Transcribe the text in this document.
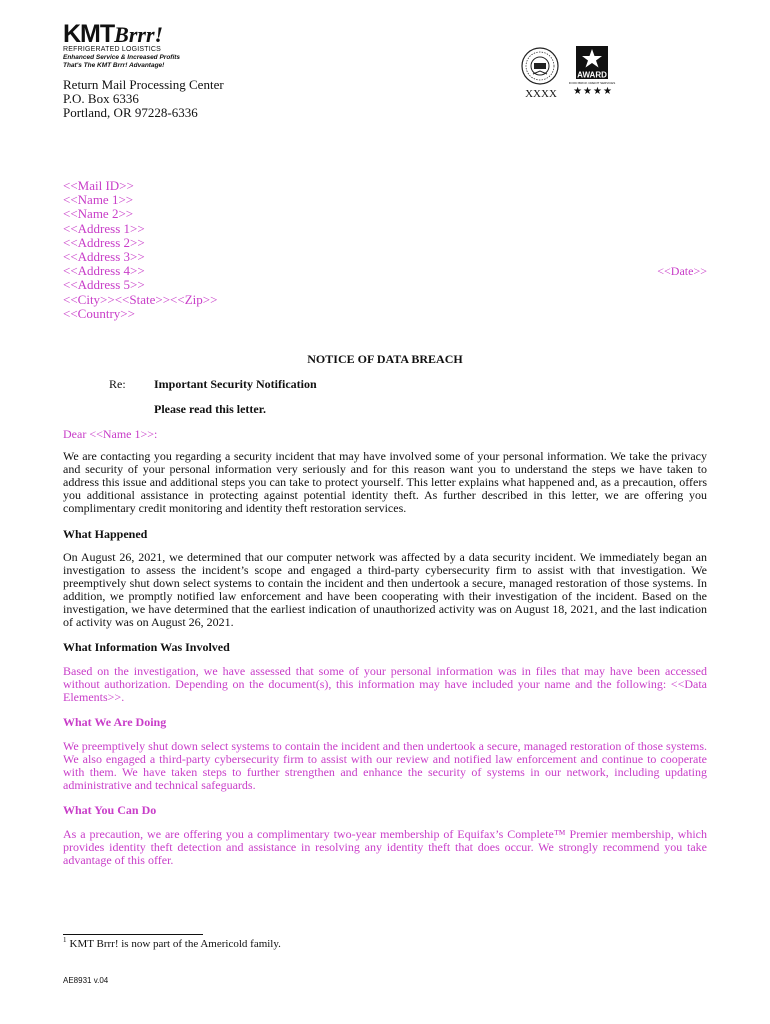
KMTBrrr!
REFRIGERATED LOGISTICS
Enhanced Service & Increased Profits
That's The KMT Brrr! Advantage!
Return Mail Processing Center
P.O. Box 6336
Portland, OR 97228-6336
XXXX
AWARD
FOOD BRICK CREDIT SERVICES
★★★★
<<Mail ID>>
<<Name 1>>
<<Name 2>>
<<Address 1>>
<<Address 2>>
<<Address 3>>
<<Address 4>>
<<Address 5>>
<<City>><<State>><<Zip>>
<<Country>>
<<Date>>
NOTICE OF DATA BREACH
Re: Important Security Notification
Please read this letter.
Dear <<Name 1>>:
We are contacting you regarding a security incident that may have involved some of your personal information. We take the privacy and security of your personal information very seriously and for this reason want you to understand the steps we have taken to address this issue and additional steps you can take to protect yourself. This letter explains what happened and, as a precaution, offers you additional assistance in protecting against potential identity theft. As further described in this letter, we are offering you complimentary credit monitoring and identity theft restoration services.
What Happened
On August 26, 2021, we determined that our computer network was affected by a data security incident. We immediately began an investigation to assess the incident’s scope and engaged a third-party cybersecurity firm to assist with that investigation. We preemptively shut down select systems to contain the incident and then undertook a secure, managed restoration of those systems. In addition, we promptly notified law enforcement and have been cooperating with their investigation of the incident. Based on the investigation, we have determined that the earliest indication of unauthorized activity was on August 18, 2021, and the last indication of activity was on August 26, 2021.
What Information Was Involved
Based on the investigation, we have assessed that some of your personal information was in files that may have been accessed without authorization. Depending on the document(s), this information may have included your name and the following: <<Data Elements>>.
What We Are Doing
We preemptively shut down select systems to contain the incident and then undertook a secure, managed restoration of those systems. We also engaged a third-party cybersecurity firm to assist with our review and notified law enforcement and continue to cooperate with them. We have taken steps to further strengthen and enhance the security of systems in our network, including updating administrative and technical safeguards.
What You Can Do
As a precaution, we are offering you a complimentary two-year membership of Equifax’s Complete™ Premier membership, which provides identity theft detection and assistance in resolving any identity theft that does occur. We strongly recommend you take advantage of this offer.
$^1$ KMT Brrr! is now part of the Americold family.
AE8931 v.04
